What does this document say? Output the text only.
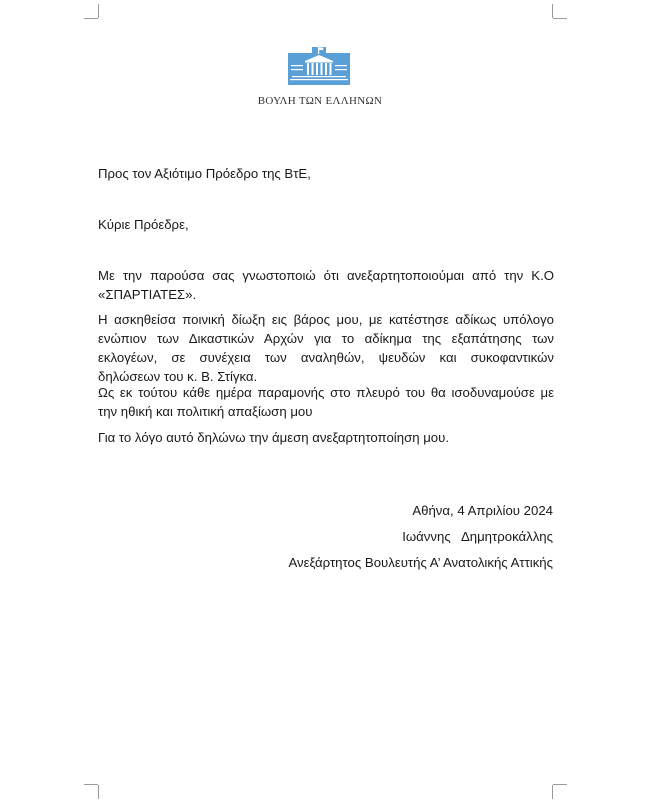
ΒΟΥΛΗ ΤΩΝ ΕΛΛΗΝΩΝ
Προς τον Αξιότιμο Πρόεδρο της ΒτΕ,
Κύριε Πρόεδρε,
Με την παρούσα σας γνωστοποιώ ότι ανεξαρτητοποιούμαι από την Κ.Ο
«ΣΠΑΡΤΙΑΤΕΣ».
Η ασκηθείσα ποινική δίωξη εις βάρος μου, με κατέστησε αδίκως υπόλογο
ενώπιον των Δικαστικών Αρχών για το αδίκημα της εξαπάτησης των
εκλογέων, σε συνέχεια των αναληθών, ψευδών και συκοφαντικών
δηλώσεων του κ. Β. Στίγκα.
Ως εκ τούτου κάθε ημέρα παραμονής στο πλευρό του θα ισοδυναμούσε με
την ηθική και πολιτική απαξίωση μου
Για το λόγο αυτό δηλώνω την άμεση ανεξαρτητοποίηση μου.
Αθήνα, 4 Απριλίου 2024
Ιωάννης   Δημητροκάλλης
Ανεξάρτητος Βουλευτής Α’ Ανατολικής Αττικής
